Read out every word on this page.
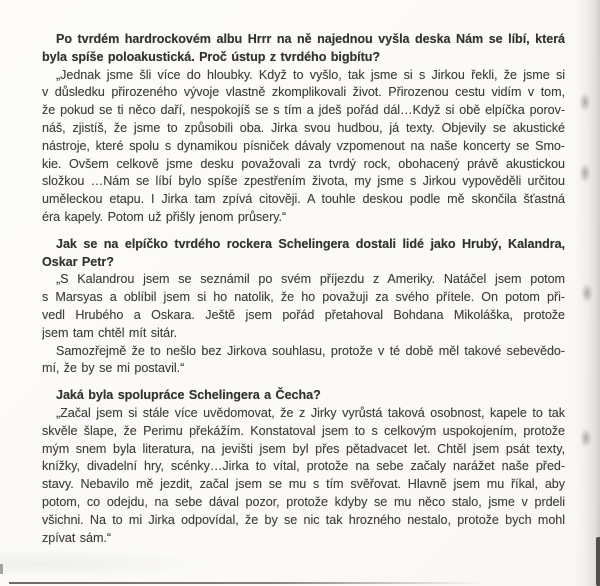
Po tvrdém hardrockovém albu Hrrr na ně najednou vyšla deska Nám se líbí, která
byla spíše poloakustická. Proč ústup z tvrdého bigbítu?
„Jednak jsme šli více do hloubky. Když to vyšlo, tak jsme si s Jirkou řekli, že jsme si
v důsledku přirozeného vývoje vlastně zkomplikovali život. Přirozenou cestu vidím v tom,
že pokud se ti něco daří, nespokojíš se s tím a jdeš pořád dál…Když si obě elpíčka porov-
náš, zjistíš, že jsme to způsobili oba. Jirka svou hudbou, já texty. Objevily se akustické
nástroje, které spolu s dynamikou písniček dávaly vzpomenout na naše koncerty se Smo-
kie. Ovšem celkově jsme desku považovali za tvrdý rock, obohacený právě akustickou
složkou …Nám se líbí bylo spíše zpestřením života, my jsme s Jirkou vypověděli určitou
uměleckou etapu. I Jirka tam zpívá citověji. A touhle deskou podle mě skončila šťastná
éra kapely. Potom už přišly jenom průsery.“
Jak se na elpíčko tvrdého rockera Schelingera dostali lidé jako Hrubý, Kalandra,
Oskar Petr?
„S Kalandrou jsem se seznámil po svém příjezdu z Ameriky. Natáčel jsem potom
s Marsyas a oblíbil jsem si ho natolik, že ho považuji za svého přítele. On potom při-
vedl Hrubého a Oskara. Ještě jsem pořád přetahoval Bohdana Mikoláška, protože
jsem tam chtěl mít sitár.
Samozřejmě že to nešlo bez Jirkova souhlasu, protože v té době měl takové sebevědo-
mí, že by se mi postavil.“
Jaká byla spolupráce Schelingera a Čecha?
„Začal jsem si stále více uvědomovat, že z Jirky vyrůstá taková osobnost, kapele to tak
skvěle šlape, že Perimu překážím. Konstatoval jsem to s celkovým uspokojením, protože
mým snem byla literatura, na jevišti jsem byl přes pětadvacet let. Chtěl jsem psát texty,
knížky, divadelní hry, scénky…Jirka to vítal, protože na sebe začaly narážet naše před-
stavy. Nebavilo mě jezdit, začal jsem se mu s tím svěřovat. Hlavně jsem mu říkal, aby
potom, co odejdu, na sebe dával pozor, protože kdyby se mu něco stalo, jsme v prdeli
všichni. Na to mi Jirka odpovídal, že by se nic tak hrozného nestalo, protože bych mohl
zpívat sám.“
